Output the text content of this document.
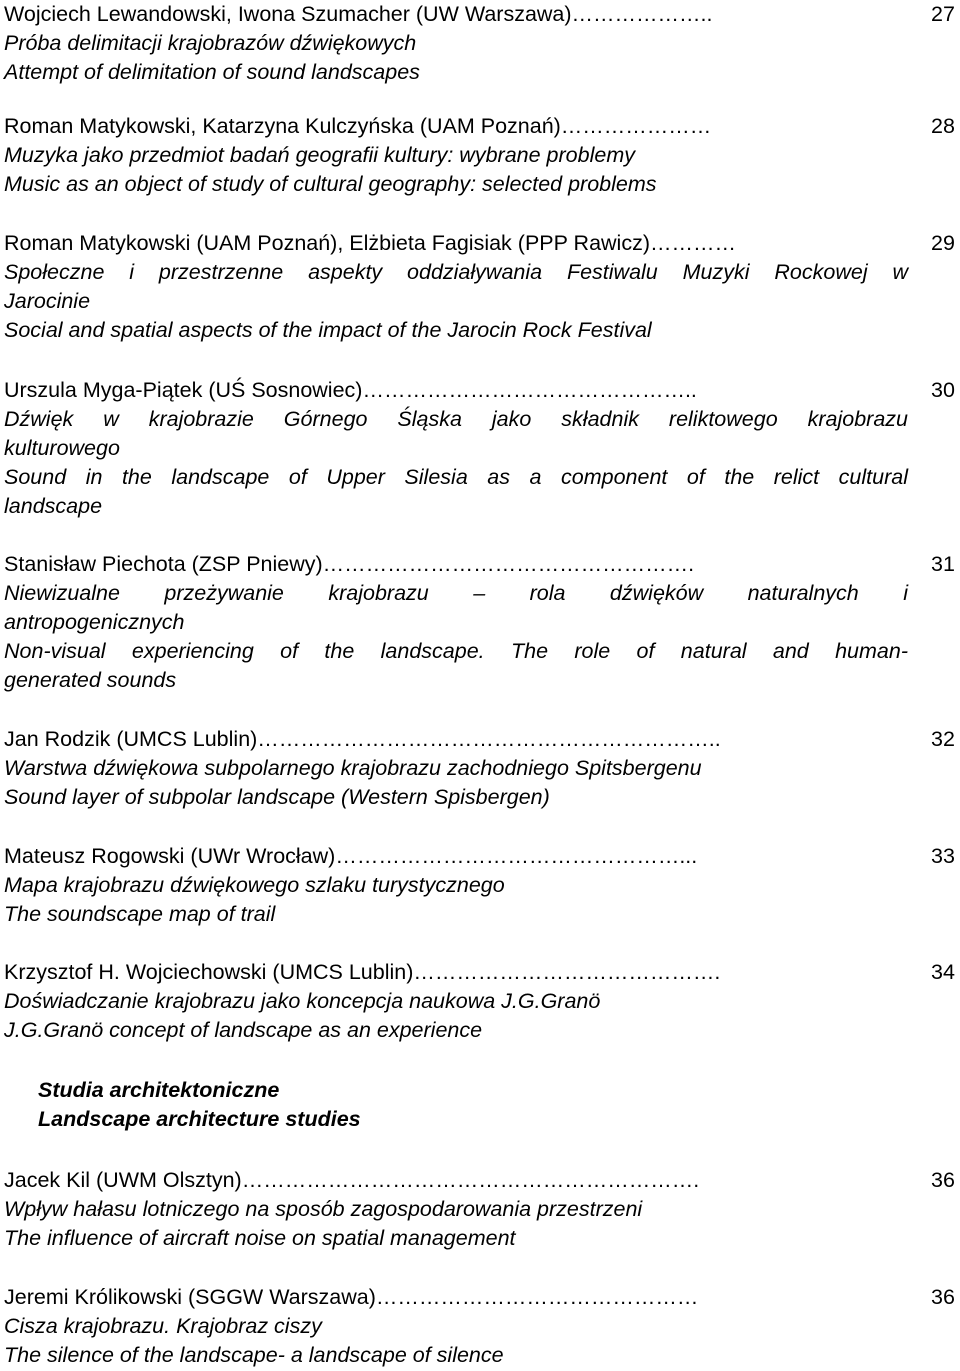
Wojciech Lewandowski, Iwona Szumacher (UW Warszawa)………………..
Próba delimitacji krajobrazów dźwiękowych
Attempt of delimitation of sound landscapes
27
Roman Matykowski, Katarzyna Kulczyńska (UAM Poznań)…………………
Muzyka jako przedmiot badań geografii kultury: wybrane problemy
Music as an object of study of cultural geography: selected problems
28
Roman Matykowski (UAM Poznań), Elżbieta Fagisiak (PPP Rawicz)…………
Społeczne i przestrzenne aspekty oddziaływania Festiwalu Muzyki Rockowej w
Jarocinie
Social and spatial aspects of the impact of the Jarocin Rock Festival
29
Urszula Myga-Piątek (UŚ Sosnowiec)………………………………………..
Dźwięk w krajobrazie Górnego Śląska jako składnik reliktowego krajobrazu
kulturowego
Sound in the landscape of Upper Silesia as a component of the relict cultural
landscape
30
Stanisław Piechota (ZSP Pniewy)…………………………………………….
Niewizualne przeżywanie krajobrazu – rola dźwięków naturalnych i
antropogenicznych
Non-visual experiencing of the landscape. The role of natural and human-
generated sounds
31
Jan Rodzik (UMCS Lublin)………………………………………………………..
Warstwa dźwiękowa subpolarnego krajobrazu zachodniego Spitsbergenu
Sound layer of subpolar landscape (Western Spisbergen)
32
Mateusz Rogowski (UWr Wrocław)…………………………………………...
Mapa krajobrazu dźwiękowego szlaku turystycznego
The soundscape map of trail
33
Krzysztof H. Wojciechowski (UMCS Lublin)…………………………………….
Doświadczanie krajobrazu jako koncepcja naukowa J.G.Granö
J.G.Granö concept of landscape as an experience
34
Studia architektoniczne
Landscape architecture studies
Jacek Kil (UWM Olsztyn)……………………………………………………….
Wpływ hałasu lotniczego na sposób zagospodarowania przestrzeni
The influence of aircraft noise on spatial management
36
Jeremi Królikowski (SGGW Warszawa)………………………………………
Cisza krajobrazu. Krajobraz ciszy
The silence of the landscape- a landscape of silence
36
